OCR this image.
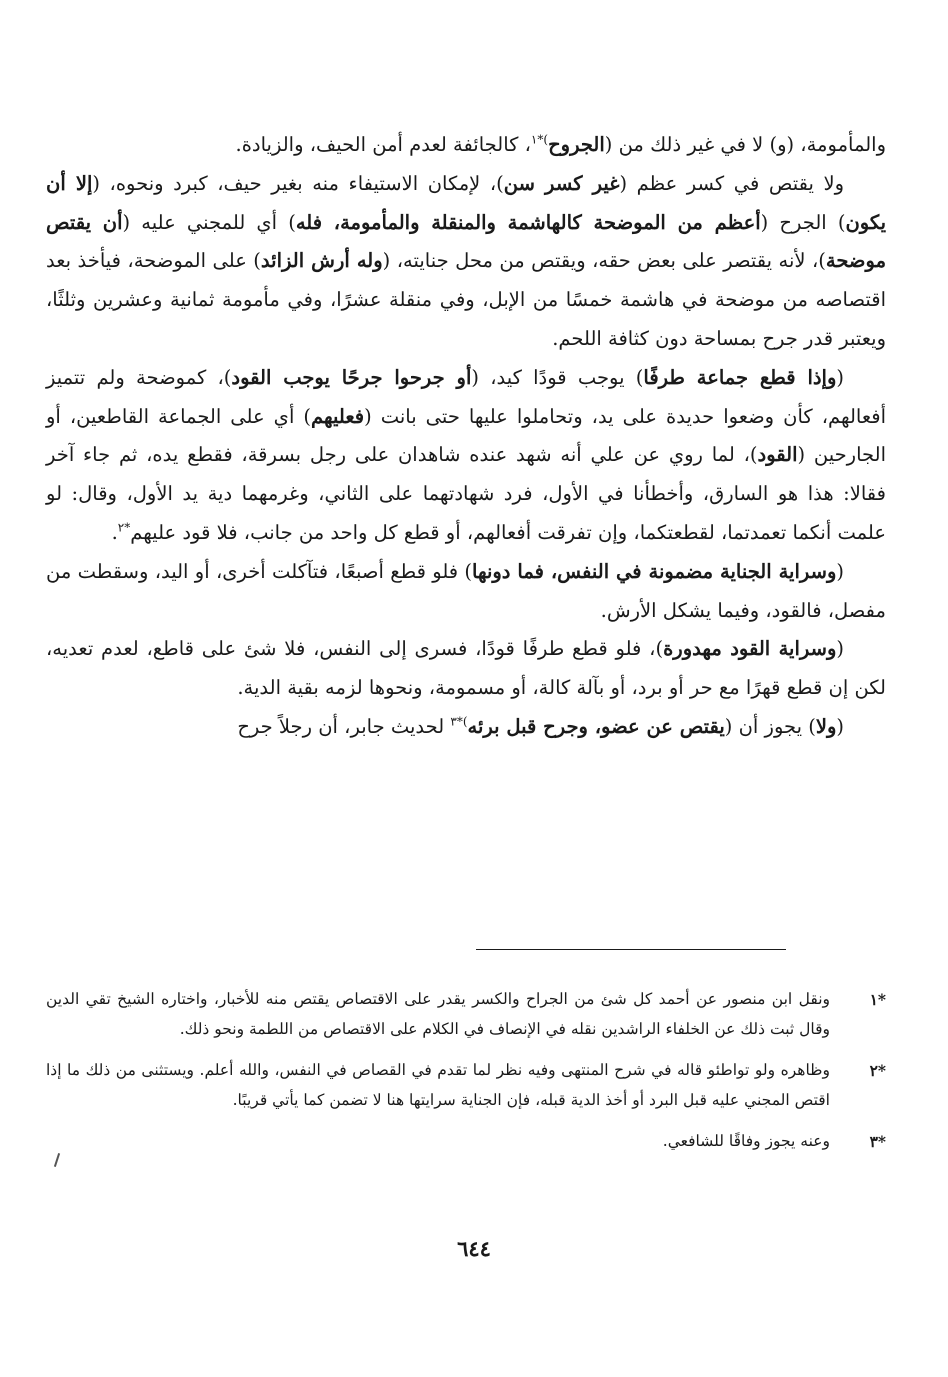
والمأمومة، (و) لا في غير ذلك من (الجروح$^{)*١}$، كالجائفة لعدم أمن الحيف، والزيادة.

ولا يقتص في كسر عظم (غير كسر سن)، لإمكان الاستيفاء منه بغير حيف، كبرد ونحوه، (إلا أن يكون) الجرح (أعظم من الموضحة كالهاشمة والمنقلة والمأمومة، فله) أي للمجني عليه (أن يقتص موضحة)، لأنه يقتصر على بعض حقه، ويقتص من محل جنايته، (وله أرش الزائد) على الموضحة، فيأخذ بعد اقتصاصه من موضحة في هاشمة خمسًا من الإبل، وفي منقلة عشرًا، وفي مأمومة ثمانية وعشرين وثلثًا، ويعتبر قدر جرح بمساحة دون كثافة اللحم.

(وإذا قطع جماعة طرفًا) يوجب قودًا كيد، (أو جرحوا جرحًا يوجب القود)، كموضحة ولم تتميز أفعالهم، كأن وضعوا حديدة على يد، وتحاملوا عليها حتى بانت (فعليهم) أي على الجماعة القاطعين، أو الجارحين (القود)، لما روي عن علي أنه شهد عنده شاهدان على رجل بسرقة، فقطع يده، ثم جاء آخر فقالا: هذا هو السارق، وأخطأنا في الأول، فرد شهادتهما على الثاني، وغرمهما دية يد الأول، وقال: لو علمت أنكما تعمدتما، لقطعتكما، وإن تفرقت أفعالهم، أو قطع كل واحد من جانب، فلا قود عليهم$^{*٢}$.

(وسراية الجناية مضمونة في النفس، فما دونها) فلو قطع أصبعًا، فتآكلت أخرى، أو اليد، وسقطت من مفصل، فالقود، وفيما يشكل الأرش.

(وسراية القود مهدورة)، فلو قطع طرفًا قودًا، فسرى إلى النفس، فلا شئ على قاطع، لعدم تعديه، لكن إن قطع قهرًا مع حر أو برد، أو بآلة كالة، أو مسمومة، ونحوها لزمه بقية الدية.

(ولا) يجوز أن (يقتص عن عضو، وجرح قبل برئه$^{)*٣}$ لحديث جابر، أن رجلاً جرح

*١
ونقل ابن منصور عن أحمد كل شئ من الجراح والكسر يقدر على الاقتصاص يقتص منه للأخبار، واختاره الشيخ تقي الدين وقال ثبت ذلك عن الخلفاء الراشدين نقله في الإنصاف في الكلام على الاقتصاص من اللطمة ونحو ذلك.
*٢
وظاهره ولو تواطئو قاله في شرح المنتهى وفيه نظر لما تقدم في القصاص في النفس، والله أعلم. ويستثنى من ذلك ما إذا اقتص المجني عليه قبل البرد أو أخذ الدية قبله، فإن الجناية سرايتها هنا لا تضمن كما يأتي قريبًا.
*٣
وعنه يجوز وفاقًا للشافعي.
٦٤٤
